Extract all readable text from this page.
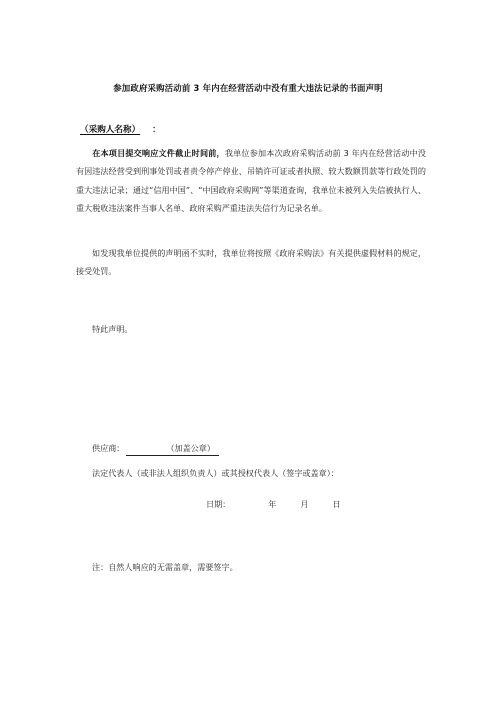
参加政府采购活动前 3 年内在经营活动中没有重大违法记录的书面声明
（采购人名称） ：
在本项目提交响应文件截止时间前，我单位参加本次政府采购活动前 3 年内在经营活动中没有因违法经营受到刑事处罚或者责令停产停业、吊销许可证或者执照、较大数额罚款等行政处罚的重大违法记录；通过“信用中国”、“中国政府采购网”等渠道查询，我单位未被列入失信被执行人、重大税收违法案件当事人名单、政府采购严重违法失信行为记录名单。
如发现我单位提供的声明函不实时，我单位将按照《政府采购法》有关提供虚假材料的规定，接受处罚。
特此声明。
供应商：	（加盖公章）
法定代表人（或非法人组织负责人）或其授权代表人（签字或盖章）：
日期：	年	月	日
注：自然人响应的无需盖章，需要签字。
